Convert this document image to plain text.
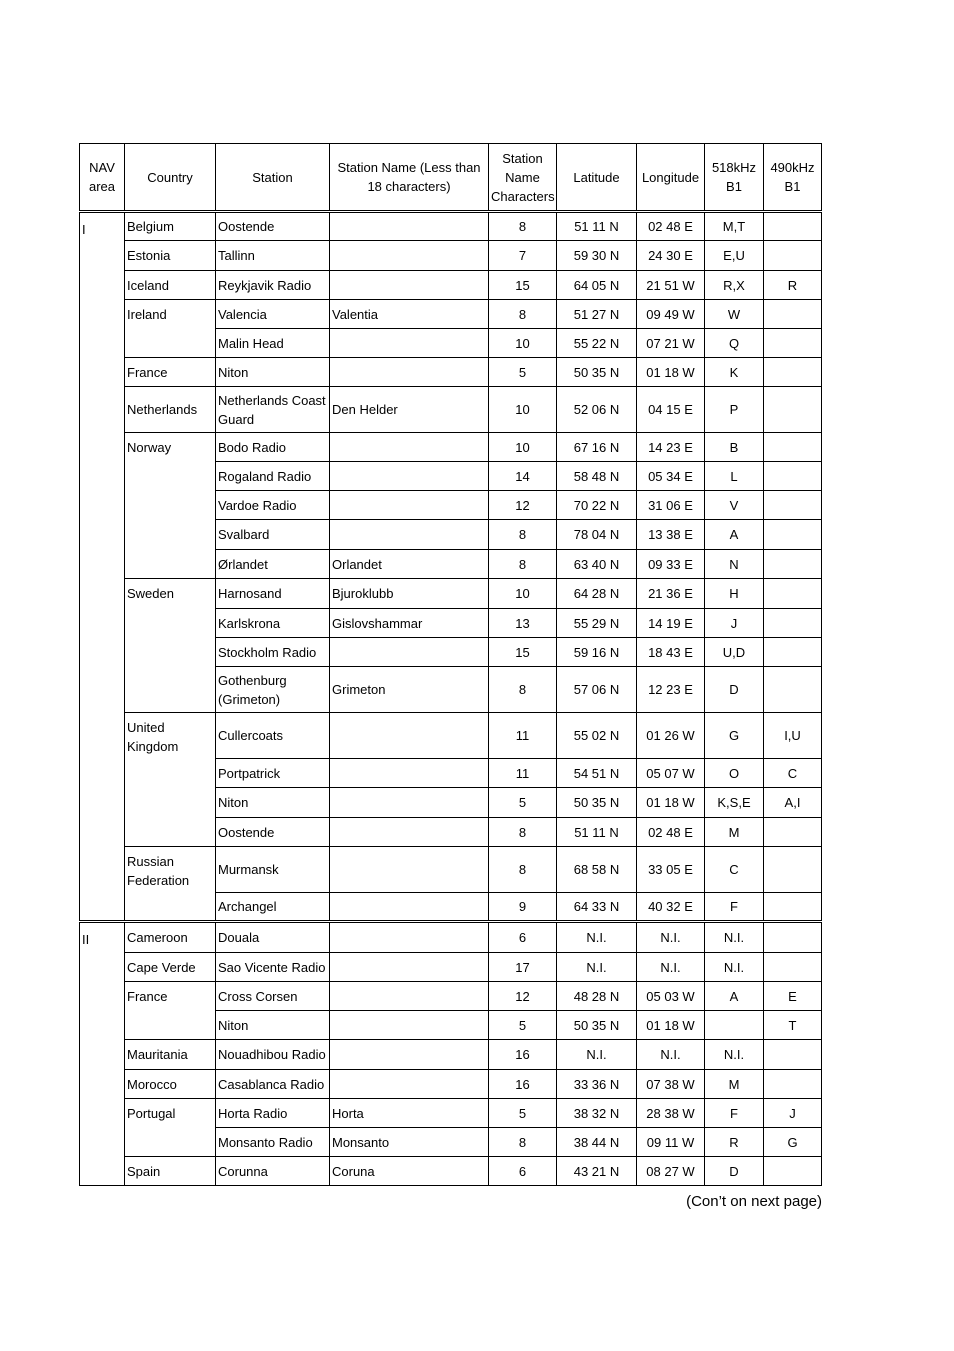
NAV area	Country	Station	Station Name (Less than 18 characters)	Station Name Characters	Latitude	Longitude	518kHz B1	490kHz B1
I	Belgium	Oostende		8	51 11 N	02 48 E	M,T	
	Estonia	Tallinn		7	59 30 N	24 30 E	E,U	
	Iceland	Reykjavik Radio		15	64 05 N	21 51 W	R,X	R
	Ireland	Valencia	Valentia	8	51 27 N	09 49 W	W	
		Malin Head		10	55 22 N	07 21 W	Q	
	France	Niton		5	50 35 N	01 18 W	K	
	Netherlands	Netherlands Coast Guard	Den Helder	10	52 06 N	04 15 E	P	
	Norway	Bodo Radio		10	67 16 N	14 23 E	B	
		Rogaland Radio		14	58 48 N	05 34 E	L	
		Vardoe Radio		12	70 22 N	31 06 E	V	
		Svalbard		8	78 04 N	13 38 E	A	
		Ørlandet	Orlandet	8	63 40 N	09 33 E	N	
	Sweden	Harnosand	Bjuroklubb	10	64 28 N	21 36 E	H	
		Karlskrona	Gislovshammar	13	55 29 N	14 19 E	J	
		Stockholm Radio		15	59 16 N	18 43 E	U,D	
		Gothenburg (Grimeton)	Grimeton	8	57 06 N	12 23 E	D	
	United Kingdom	Cullercoats		11	55 02 N	01 26 W	G	I,U
		Portpatrick		11	54 51 N	05 07 W	O	C
		Niton		5	50 35 N	01 18 W	K,S,E	A,I
		Oostende		8	51 11 N	02 48 E	M	
	Russian Federation	Murmansk		8	68 58 N	33 05 E	C	
		Archangel		9	64 33 N	40 32 E	F	
II	Cameroon	Douala		6	N.I.	N.I.	N.I.	
	Cape Verde	Sao Vicente Radio		17	N.I.	N.I.	N.I.	
	France	Cross Corsen		12	48 28 N	05 03 W	A	E
		Niton		5	50 35 N	01 18 W		T
	Mauritania	Nouadhibou Radio		16	N.I.	N.I.	N.I.	
	Morocco	Casablanca Radio		16	33 36 N	07 38 W	M	
	Portugal	Horta Radio	Horta	5	38 32 N	28 38 W	F	J
		Monsanto Radio	Monsanto	8	38 44 N	09 11 W	R	G
	Spain	Corunna	Coruna	6	43 21 N	08 27 W	D	
(Con’t on next page)
